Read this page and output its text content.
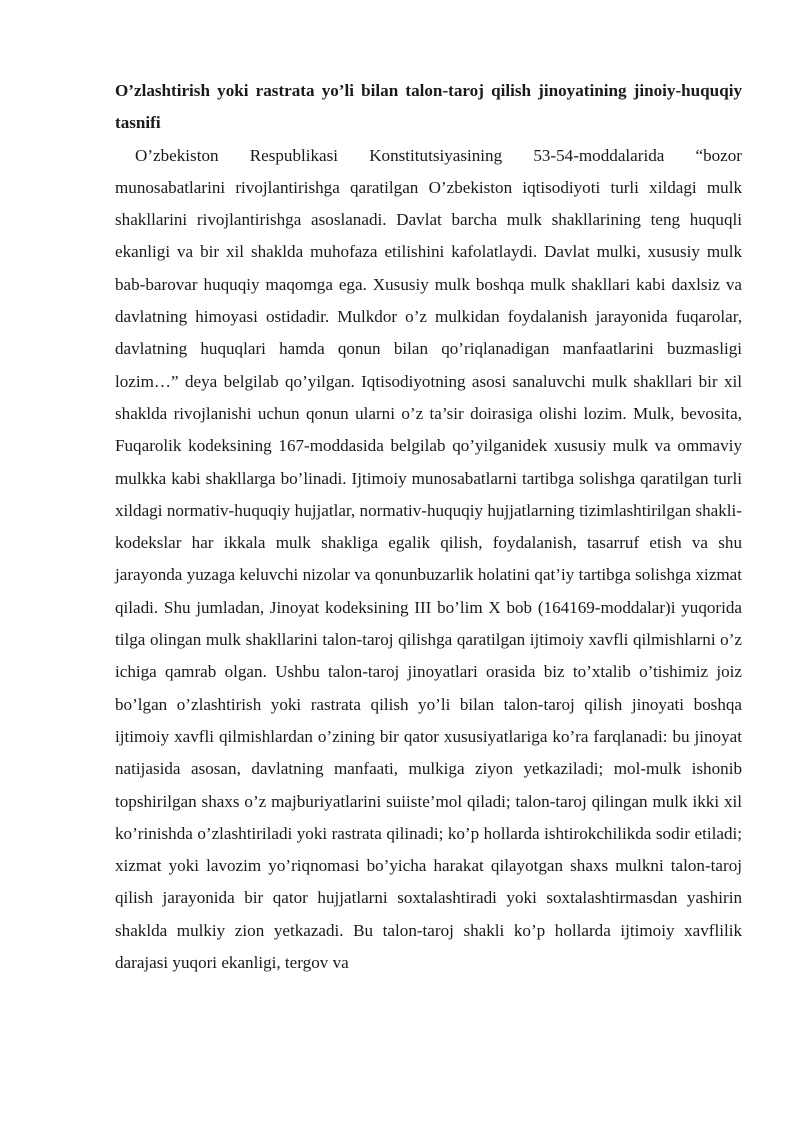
O’zlashtirish yoki rastrata yo’li bilan talon-taroj qilish jinoyatining jinoiy-huquqiy tasnifi

O’zbekiston Respublikasi Konstitutsiyasining 53-54-moddalarida “bozor munosabatlarini rivojlantirishga qaratilgan O’zbekiston iqtisodiyoti turli xildagi mulk shakllarini rivojlantirishga asoslanadi. Davlat barcha mulk shakllarining teng huquqli ekanligi va bir xil shaklda muhofaza etilishini kafolatlaydi. Davlat mulki, xususiy mulk bab-barovar huquqiy maqomga ega. Xususiy mulk boshqa mulk shakllari kabi daxlsiz va davlatning himoyasi ostidadir. Mulkdor o’z mulkidan foydalanish jarayonida fuqarolar, davlatning huquqlari hamda qonun bilan qo’riqlanadigan manfaatlarini buzmasligi lozim…” deya belgilab qo’yilgan. Iqtisodiyotning asosi sanaluvchi mulk shakllari bir xil shaklda rivojlanishi uchun qonun ularni o’z ta’sir doirasiga olishi lozim. Mulk, bevosita, Fuqarolik kodeksining 167-moddasida belgilab qo’yilganidek xususiy mulk va ommaviy mulkka kabi shakllarga bo’linadi. Ijtimoiy munosabatlarni tartibga solishga qaratilgan turli xildagi normativ-huquqiy hujjatlar, normativ-huquqiy hujjatlarning tizimlashtirilgan shakli- kodekslar har ikkala mulk shakliga egalik qilish, foydalanish, tasarruf etish va shu jarayonda yuzaga keluvchi nizolar va qonunbuzarlik holatini qat’iy tartibga solishga xizmat qiladi. Shu jumladan, Jinoyat kodeksining III bo’lim X bob (164169-moddalar)i yuqorida tilga olingan mulk shakllarini talon-taroj qilishga qaratilgan ijtimoiy xavfli qilmishlarni o’z ichiga qamrab olgan. Ushbu talon-taroj jinoyatlari orasida biz to’xtalib o’tishimiz joiz bo’lgan o’zlashtirish yoki rastrata qilish yo’li bilan talon-taroj qilish jinoyati boshqa ijtimoiy xavfli qilmishlardan o’zining bir qator xususiyatlariga ko’ra farqlanadi: bu jinoyat natijasida asosan, davlatning manfaati, mulkiga ziyon yetkaziladi; mol-mulk ishonib topshirilgan shaxs o’z majburiyatlarini suiiste’mol qiladi; talon-taroj qilingan mulk ikki xil ko’rinishda o’zlashtiriladi yoki rastrata qilinadi; ko’p hollarda ishtirokchilikda sodir etiladi; xizmat yoki lavozim yo’riqnomasi bo’yicha harakat qilayotgan shaxs mulkni talon-taroj qilish jarayonida bir qator hujjatlarni soxtalashtiradi yoki soxtalashtirmasdan yashirin shaklda mulkiy zion yetkazadi. Bu talon-taroj shakli ko’p hollarda ijtimoiy xavflilik darajasi yuqori ekanligi, tergov va
